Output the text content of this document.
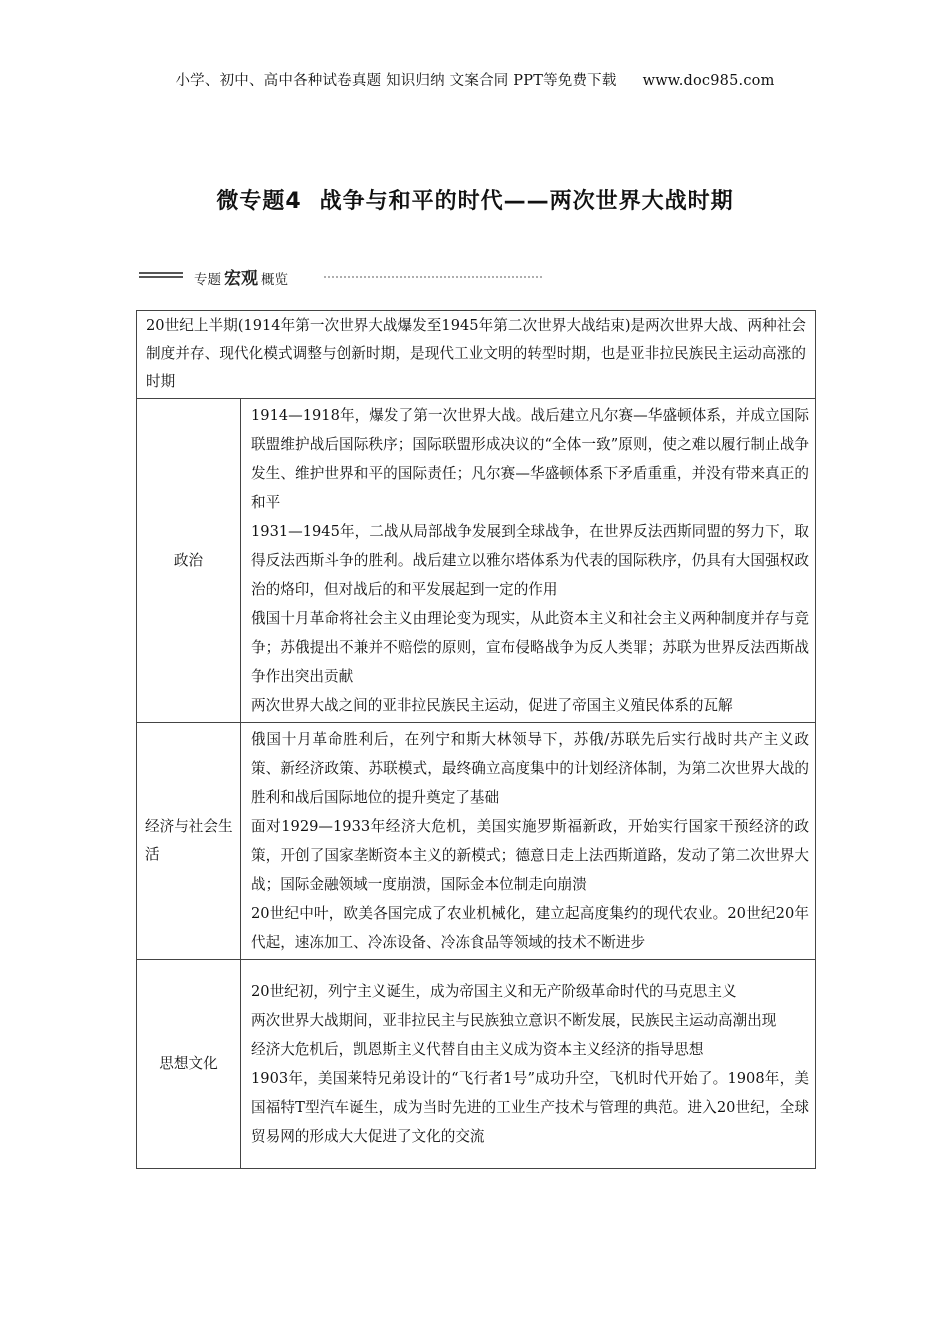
小学、初中、高中各种试卷真题 知识归纳 文案合同 PPT等免费下载 www.doc985.com
微专题4 战争与和平的时代——两次世界大战时期
专题 宏观 概览
20世纪上半期(1914年第一次世界大战爆发至1945年第二次世界大战结束)是两次世界大战、两种社会制度并存、现代化模式调整与创新时期，是现代工业文明的转型时期，也是亚非拉民族民主运动高涨的时期	

政治	1914—1918年，爆发了第一次世界大战。战后建立凡尔赛—华盛顿体系，并成立国际联盟维护战后国际秩序；国际联盟形成决议的“全体一致”原则，使之难以履行制止战争发生、维护世界和平的国际责任；凡尔赛—华盛顿体系下矛盾重重，并没有带来真正的和平

1931—1945年，二战从局部战争发展到全球战争，在世界反法西斯同盟的努力下，取得反法西斯斗争的胜利。战后建立以雅尔塔体系为代表的国际秩序，仍具有大国强权政治的烙印，但对战后的和平发展起到一定的作用

俄国十月革命将社会主义由理论变为现实，从此资本主义和社会主义两种制度并存与竞争；苏俄提出不兼并不赔偿的原则，宣布侵略战争为反人类罪；苏联为世界反法西斯战争作出突出贡献

两次世界大战之间的亚非拉民族民主运动，促进了帝国主义殖民体系的瓦解

经济与社会生活	俄国十月革命胜利后，在列宁和斯大林领导下，苏俄/苏联先后实行战时共产主义政策、新经济政策、苏联模式，最终确立高度集中的计划经济体制，为第二次世界大战的胜利和战后国际地位的提升奠定了基础

面对1929—1933年经济大危机，美国实施罗斯福新政，开始实行国家干预经济的政策，开创了国家垄断资本主义的新模式；德意日走上法西斯道路，发动了第二次世界大战；国际金融领域一度崩溃，国际金本位制走向崩溃

20世纪中叶，欧美各国完成了农业机械化，建立起高度集约的现代农业。20世纪20年代起，速冻加工、冷冻设备、冷冻食品等领域的技术不断进步

思想文化	20世纪初，列宁主义诞生，成为帝国主义和无产阶级革命时代的马克思主义

两次世界大战期间，亚非拉民主与民族独立意识不断发展，民族民主运动高潮出现

经济大危机后，凯恩斯主义代替自由主义成为资本主义经济的指导思想

1903年，美国莱特兄弟设计的“飞行者1号”成功升空，飞机时代开始了。1908年，美国福特T型汽车诞生，成为当时先进的工业生产技术与管理的典范。进入20世纪，全球贸易网的形成大大促进了文化的交流
